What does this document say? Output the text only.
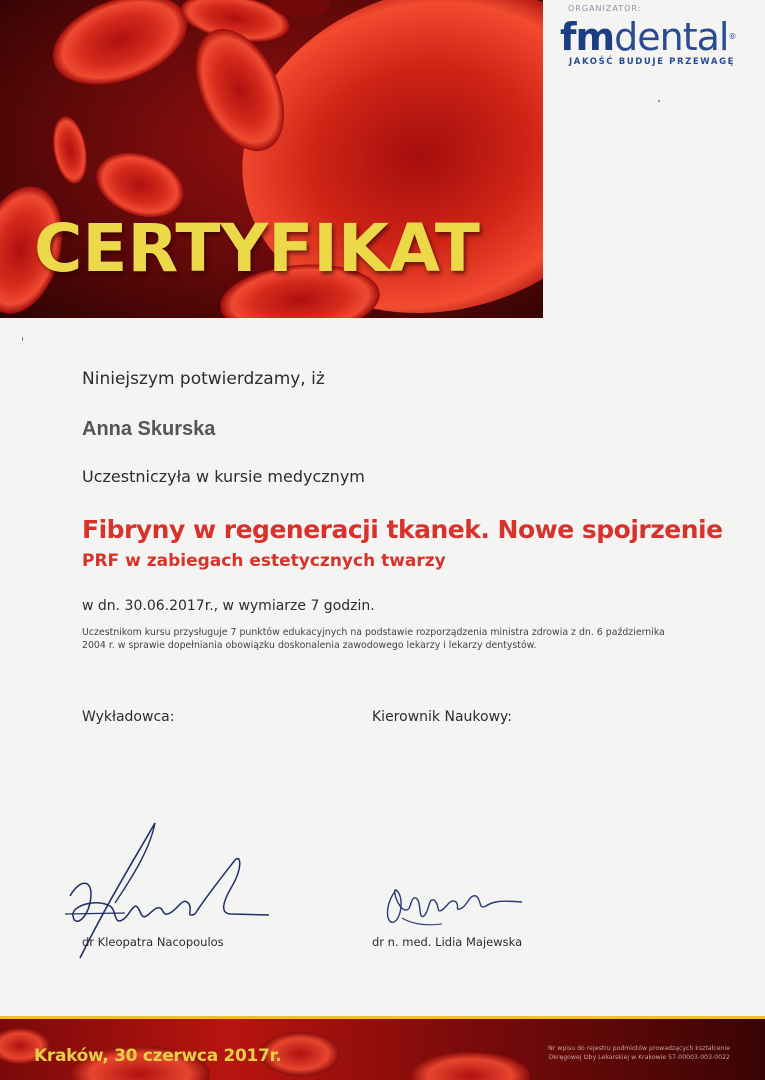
CERTYFIKAT
ORGANIZATOR:
fmdental®
JAKOŚĆ BUDUJE PRZEWAGĘ

Niniejszym potwierdzamy, iż

Anna Skurska

Uczestniczyła w kursie medycznym

Fibryny w regeneracji tkanek. Nowe spojrzenie

PRF w zabiegach estetycznych twarzy

w dn. 30.06.2017r., w wymiarze 7 godzin.

Uczestnikom kursu przysługuje 7 punktów edukacyjnych na podstawie rozporządzenia ministra zdrowia z dn. 6 października 2004 r. w sprawie dopełniania obowiązku doskonalenia zawodowego lekarzy i lekarzy dentystów.

Wykładowca:	Kierownik Naukowy:

dr Kleopatra Nacopoulos	dr n. med. Lidia Majewska

Kraków, 30 czerwca 2017r.	Nr wpisu do rejestru podmiotów prowadzących kształcenie
Okręgowej Izby Lekarskiej w Krakowie 57-00003-003-0022
